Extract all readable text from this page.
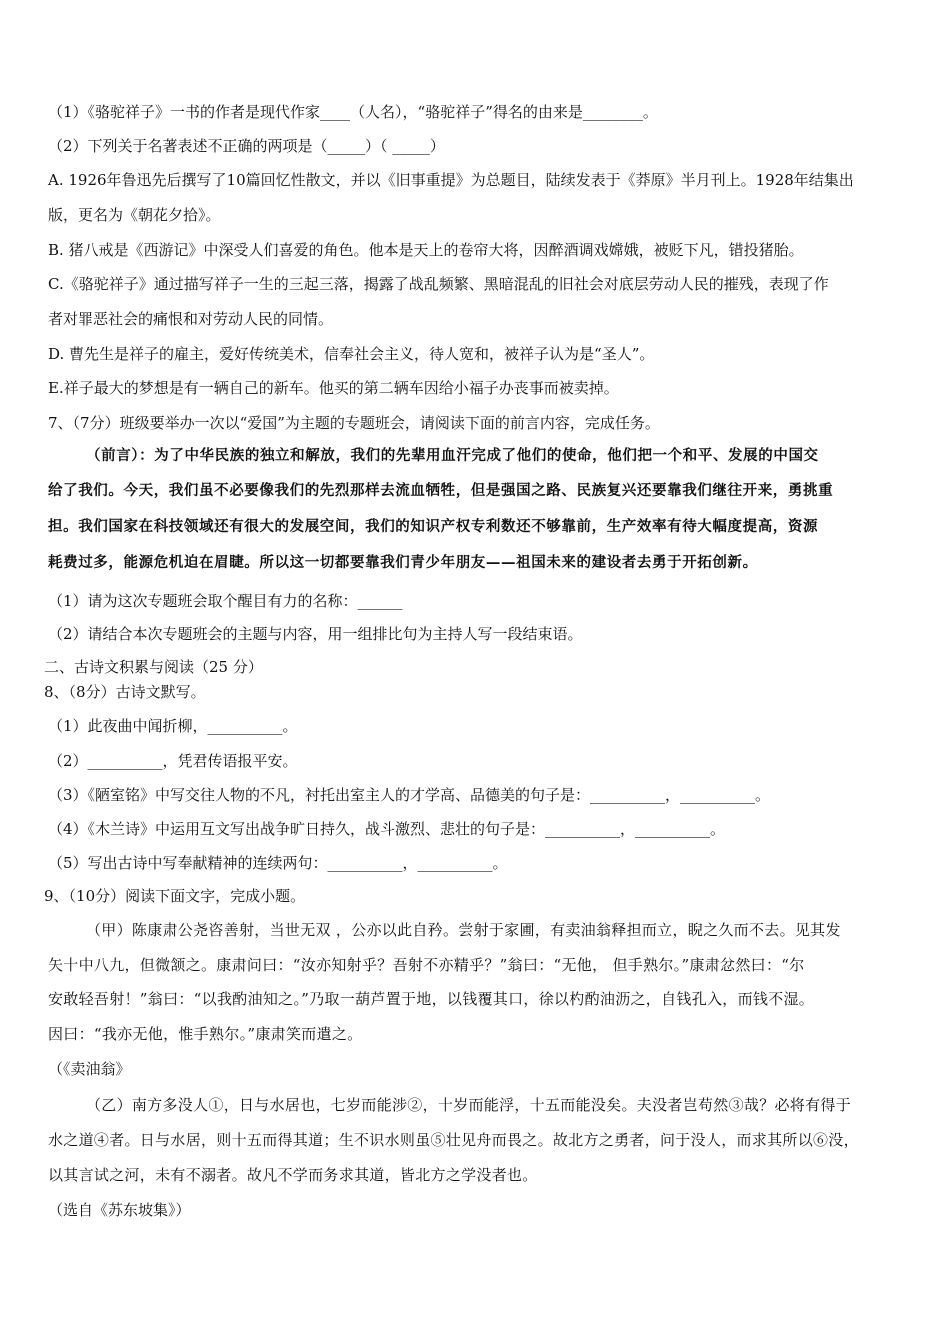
（1）《骆驼祥子》一书的作者是现代作家____（人名），“骆驼祥子”得名的由来是________。
（2）下列关于名著表述不正确的两项是（_____）（ _____）
A. 1926年鲁迅先后撰写了10篇回忆性散文，并以《旧事重提》为总题目，陆续发表于《莽原》半月刊上。1928年结集出
版，更名为《朝花夕拾》。
B. 猪八戒是《西游记》中深受人们喜爱的角色。他本是天上的卷帘大将，因醉酒调戏嫦娥，被贬下凡，错投猪胎。
C.《骆驼祥子》通过描写祥子一生的三起三落，揭露了战乱频繁、黑暗混乱的旧社会对底层劳动人民的摧残，表现了作
者对罪恶社会的痛恨和对劳动人民的同情。
D. 曹先生是祥子的雇主，爱好传统美术，信奉社会主义，待人宽和，被祥子认为是“圣人”。
E.祥子最大的梦想是有一辆自己的新车。他买的第二辆车因给小福子办丧事而被卖掉。
7、（7分）班级要举办一次以“爱国”为主题的专题班会，请阅读下面的前言内容，完成任务。
（前言）：为了中华民族的独立和解放，我们的先辈用血汗完成了他们的使命，他们把一个和平、发展的中国交
给了我们。今天，我们虽不必要像我们的先烈那样去流血牺牲，但是强国之路、民族复兴还要靠我们继往开来，勇挑重
担。我们国家在科技领域还有很大的发展空间，我们的知识产权专利数还不够靠前，生产效率有待大幅度提高，资源
耗费过多，能源危机迫在眉睫。所以这一切都要靠我们青少年朋友——祖国未来的建设者去勇于开拓创新。
（1）请为这次专题班会取个醒目有力的名称：______
（2）请结合本次专题班会的主题与内容，用一组排比句为主持人写一段结束语。
二、古诗文积累与阅读（25 分）
8、（8分）古诗文默写。
（1）此夜曲中闻折柳，__________。
（2）__________，凭君传语报平安。
（3）《陋室铭》中写交往人物的不凡，衬托出室主人的才学高、品德美的句子是：__________，__________。
（4）《木兰诗》中运用互文写出战争旷日持久，战斗激烈、悲壮的句子是：__________，__________。
（5）写出古诗中写奉献精神的连续两句：__________，__________。
9、（10分）阅读下面文字，完成小题。
（甲）陈康肃公尧咨善射，当世无双 ，公亦以此自矜。尝射于家圃，有卖油翁释担而立，睨之久而不去。见其发
矢十中八九，但微颔之。康肃问曰：“汝亦知射乎？吾射不亦精乎？”翁曰：“无他， 但手熟尔。”康肃忿然曰：“尔
安敢轻吾射！”翁曰：“以我酌油知之。”乃取一葫芦置于地，以钱覆其口，徐以杓酌油沥之，自钱孔入，而钱不湿。
因曰：“我亦无他，惟手熟尔。”康肃笑而遣之。
（《卖油翁》
（乙）南方多没人①，日与水居也，七岁而能涉②，十岁而能浮，十五而能没矣。夫没者岂苟然③哉？必将有得于
水之道④者。日与水居，则十五而得其道；生不识水则虽⑤壮见舟而畏之。故北方之勇者，问于没人，而求其所以⑥没，
以其言试之河，未有不溺者。故凡不学而务求其道，皆北方之学没者也。
（选自《苏东坡集》）
